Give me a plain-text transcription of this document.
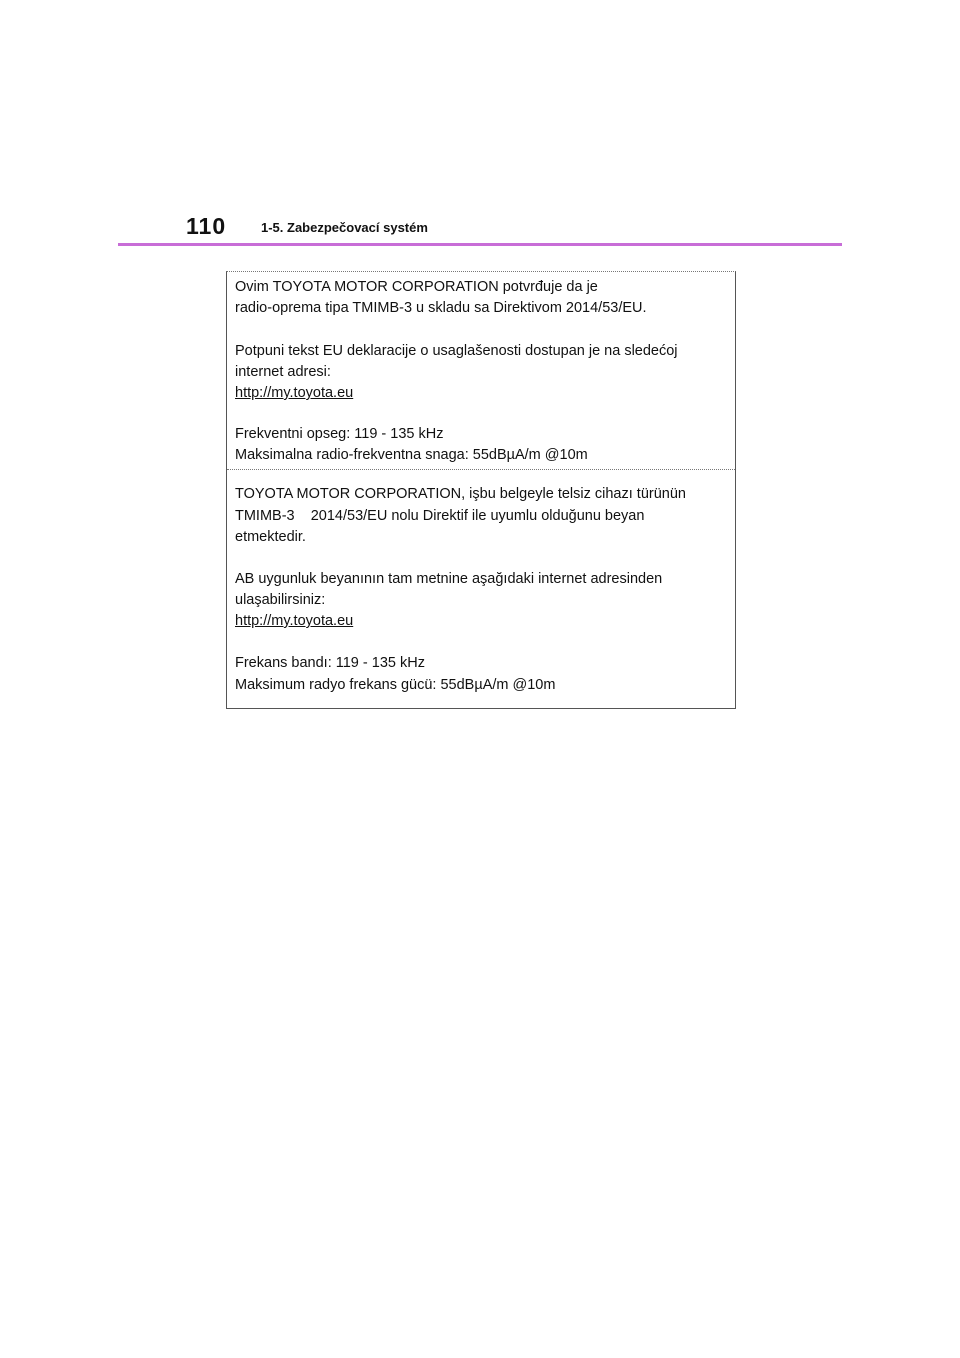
110	1-5. Zabezpečovací systém
Ovim TOYOTA MOTOR CORPORATION potvrđuje da je
radio-oprema tipa TMIMB-3 u skladu sa Direktivom 2014/53/EU.
Potpuni tekst EU deklaracije o usaglašenosti dostupan je na sledećoj
internet adresi:
http://my.toyota.eu
Frekventni opseg: 119 - 135 kHz
Maksimalna radio-frekventna snaga: 55dBµA/m @10m
TOYOTA MOTOR CORPORATION, işbu belgeyle telsiz cihazı türünün
TMIMB-3    2014/53/EU nolu Direktif ile uyumlu olduğunu beyan
etmektedir.
AB uygunluk beyanının tam metnine aşağıdaki internet adresinden
ulaşabilirsiniz:
http://my.toyota.eu
Frekans bandı: 119 - 135 kHz
Maksimum radyo frekans gücü: 55dBµA/m @10m
